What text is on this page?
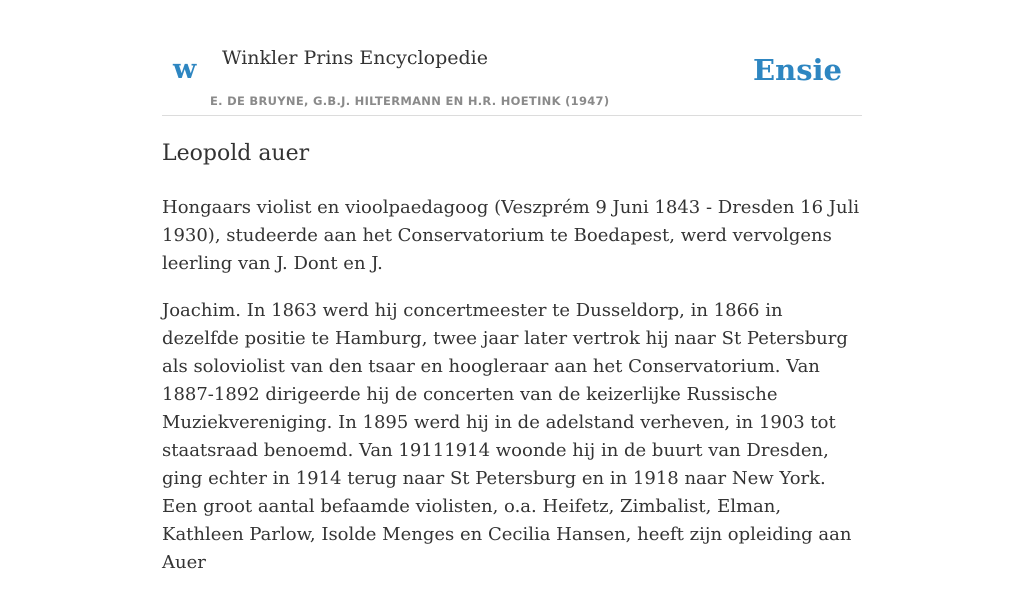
w Winkler Prins Encyclopedie
E. DE BRUYNE, G.B.J. HILTERMANN EN H.R. HOETINK (1947)
Ensie
Leopold auer

Hongaars violist en vioolpaedagoog (Veszprém 9 Juni 1843 - Dresden 16 Juli 1930), studeerde aan het Conservatorium te Boedapest, werd vervolgens leerling van J. Dont en J.

Joachim. In 1863 werd hij concertmeester te Dusseldorp, in 1866 in dezelfde positie te Hamburg, twee jaar later vertrok hij naar St Petersburg als soloviolist van den tsaar en hoogleraar aan het Conservatorium. Van 1887-1892 dirigeerde hij de concerten van de keizerlijke Russische Muziekvereniging. In 1895 werd hij in de adelstand verheven, in 1903 tot staatsraad benoemd. Van 19111914 woonde hij in de buurt van Dresden, ging echter in 1914 terug naar St Petersburg en in 1918 naar New York. Een groot aantal befaamde violisten, o.a. Heifetz, Zimbalist, Elman, Kathleen Parlow, Isolde Menges en Cecilia Hansen, heeft zijn opleiding aan Auer
